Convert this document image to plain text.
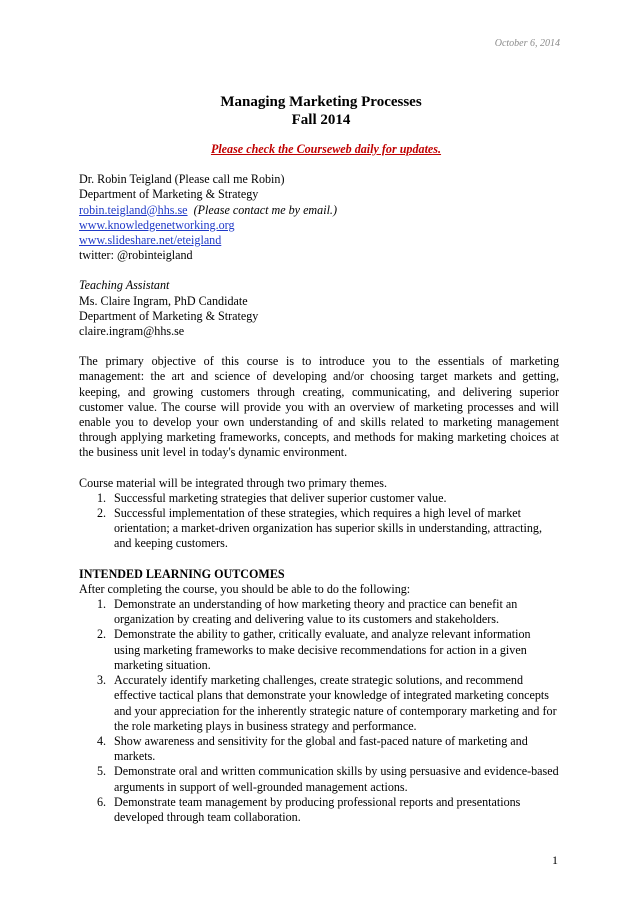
October 6, 2014
Managing Marketing Processes
Fall 2014
Please check the Courseweb daily for updates.
Dr. Robin Teigland (Please call me Robin)
Department of Marketing & Strategy
robin.teigland@hhs.se (Please contact me by email.)
www.knowledgenetworking.org
www.slideshare.net/eteigland
twitter: @robinteigland
Teaching Assistant
Ms. Claire Ingram, PhD Candidate
Department of Marketing & Strategy
claire.ingram@hhs.se

The primary objective of this course is to introduce you to the essentials of marketing management: the art and science of developing and/or choosing target markets and getting, keeping, and growing customers through creating, communicating, and delivering superior customer value. The course will provide you with an overview of marketing processes and will enable you to develop your own understanding of and skills related to marketing management through applying marketing frameworks, concepts, and methods for making marketing choices at the business unit level in today's dynamic environment.

Course material will be integrated through two primary themes.
1. Successful marketing strategies that deliver superior customer value.
2. Successful implementation of these strategies, which requires a high level of market orientation; a market-driven organization has superior skills in understanding, attracting, and keeping customers.
INTENDED LEARNING OUTCOMES
After completing the course, you should be able to do the following:
1. Demonstrate an understanding of how marketing theory and practice can benefit an organization by creating and delivering value to its customers and stakeholders.
2. Demonstrate the ability to gather, critically evaluate, and analyze relevant information using marketing frameworks to make decisive recommendations for action in a given marketing situation.
3. Accurately identify marketing challenges, create strategic solutions, and recommend effective tactical plans that demonstrate your knowledge of integrated marketing concepts and your appreciation for the inherently strategic nature of contemporary marketing and for the role marketing plays in business strategy and performance.
4. Show awareness and sensitivity for the global and fast-paced nature of marketing and markets.
5. Demonstrate oral and written communication skills by using persuasive and evidence-based arguments in support of well-grounded management actions.
6. Demonstrate team management by producing professional reports and presentations developed through team collaboration.
1
